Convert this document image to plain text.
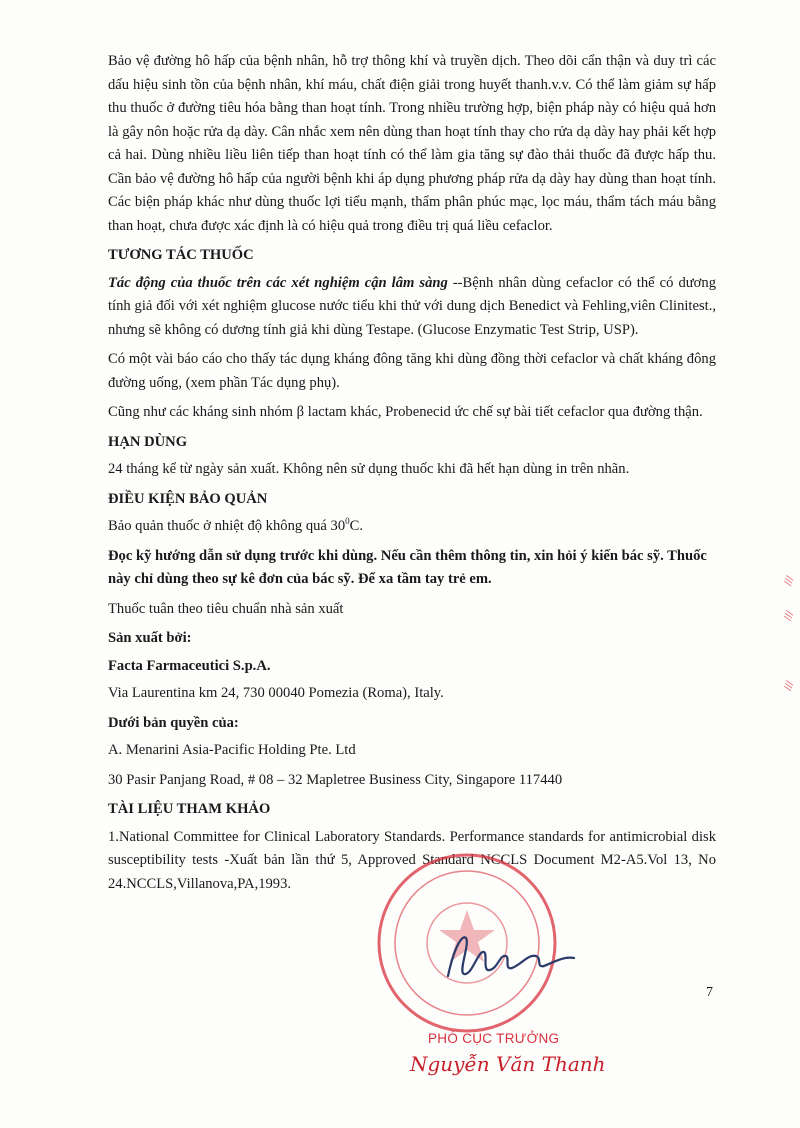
Bảo vệ đường hô hấp của bệnh nhân, hỗ trợ thông khí và truyền dịch. Theo dõi cẩn thận và duy trì các dấu hiệu sinh tồn của bệnh nhân, khí máu, chất điện giải trong huyết thanh.v.v. Có thể làm giảm sự hấp thu thuốc ở đường tiêu hóa bằng than hoạt tính. Trong nhiều trường hợp, biện pháp này có hiệu quả hơn là gây nôn hoặc rửa dạ dày. Cân nhắc xem nên dùng than hoạt tính thay cho rửa dạ dày hay phải kết hợp cả hai. Dùng nhiều liều liên tiếp than hoạt tính có thể làm gia tăng sự đào thải thuốc đã được hấp thu. Cần bảo vệ đường hô hấp của người bệnh khi áp dụng phương pháp rửa dạ dày hay dùng than hoạt tính. Các biện pháp khác như dùng thuốc lợi tiểu mạnh, thẩm phân phúc mạc, lọc máu, thẩm tách máu bằng than hoạt, chưa được xác định là có hiệu quả trong điều trị quá liều cefaclor.

TƯƠNG TÁC THUỐC

Tác động của thuốc trên các xét nghiệm cận lâm sàng --Bệnh nhân dùng cefaclor có thể có dương tính giả đối với xét nghiệm glucose nước tiểu khi thử với dung dịch Benedict và Fehling,viên Clinitest., nhưng sẽ không có dương tính giả khi dùng Testape. (Glucose Enzymatic Test Strip, USP).

Có một vài báo cáo cho thấy tác dụng kháng đông tăng khi dùng đồng thời cefaclor và chất kháng đông đường uống, (xem phần Tác dụng phụ).

Cũng như các kháng sinh nhóm β lactam khác, Probenecid ức chế sự bài tiết cefaclor qua đường thận.

HẠN DÙNG

24 tháng kể từ ngày sản xuất. Không nên sử dụng thuốc khi đã hết hạn dùng in trên nhãn.

ĐIỀU KIỆN BẢO QUẢN

Bảo quản thuốc ở nhiệt độ không quá $30^0C$.

Đọc kỹ hướng dẫn sử dụng trước khi dùng. Nếu cần thêm thông tin, xin hỏi ý kiến bác sỹ. Thuốc này chỉ dùng theo sự kê đơn của bác sỹ. Để xa tầm tay trẻ em.

Thuốc tuân theo tiêu chuẩn nhà sản xuất

Sản xuất bởi:
Facta Farmaceutici S.p.A.

Via Laurentina km 24, 730 00040 Pomezia (Roma), Italy.

Dưới bản quyền của:

A. Menarini Asia-Pacific Holding Pte. Ltd

30 Pasir Panjang Road, # 08 – 32 Mapletree Business City, Singapore 117440

TÀI LIỆU THAM KHẢO

1.National Committee for Clinical Laboratory Standards. Performance standards for antimicrobial disk susceptibility tests -Xuất bản lần thứ 5, Approved Standard NCCLS Document M2-A5.Vol 13, No 24.NCCLS,Villanova,PA,1993.

7
PHÓ CỤC TRƯỞNG
Nguyễn Văn Thanh
///
///
///
